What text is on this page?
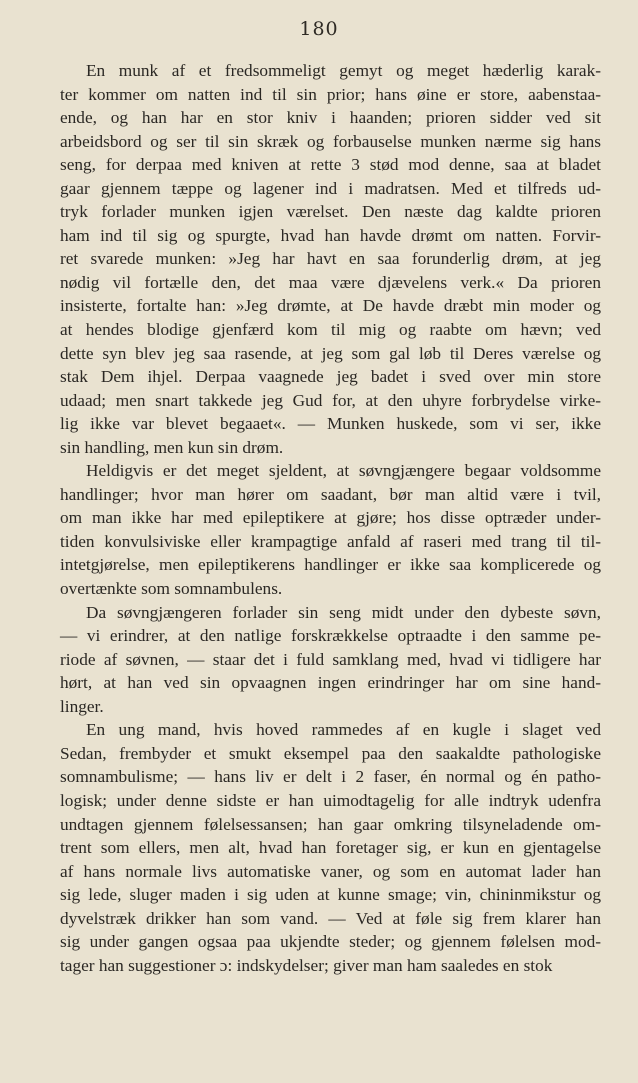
180
En munk af et fredsommeligt gemyt og meget hæderlig karak-
ter kommer om natten ind til sin prior; hans øine er store, aabenstaa-
ende, og han har en stor kniv i haanden; prioren sidder ved sit
arbeidsbord og ser til sin skræk og forbauselse munken nærme sig hans
seng, for derpaa med kniven at rette 3 stød mod denne, saa at bladet
gaar gjennem tæppe og lagener ind i madratsen. Med et tilfreds ud-
tryk forlader munken igjen værelset. Den næste dag kaldte prioren
ham ind til sig og spurgte, hvad han havde drømt om natten. Forvir-
ret svarede munken: »Jeg har havt en saa forunderlig drøm, at jeg
nødig vil fortælle den, det maa være djævelens verk.« Da prioren
insisterte, fortalte han: »Jeg drømte, at De havde dræbt min moder og
at hendes blodige gjenfærd kom til mig og raabte om hævn; ved
dette syn blev jeg saa rasende, at jeg som gal løb til Deres værelse og
stak Dem ihjel. Derpaa vaagnede jeg badet i sved over min store
udaad; men snart takkede jeg Gud for, at den uhyre forbrydelse virke-
lig ikke var blevet begaaet«. — Munken huskede, som vi ser, ikke
sin handling, men kun sin drøm.
Heldigvis er det meget sjeldent, at søvngjængere begaar voldsomme
handlinger; hvor man hører om saadant, bør man altid være i tvil,
om man ikke har med epileptikere at gjøre; hos disse optræder under-
tiden konvulsiviske eller krampagtige anfald af raseri med trang til til-
intetgjørelse, men epileptikerens handlinger er ikke saa komplicerede og
overtænkte som somnambulens.
Da søvngjængeren forlader sin seng midt under den dybeste søvn,
— vi erindrer, at den natlige forskrækkelse optraadte i den samme pe-
riode af søvnen, — staar det i fuld samklang med, hvad vi tidligere har
hørt, at han ved sin opvaagnen ingen erindringer har om sine hand-
linger.
En ung mand, hvis hoved rammedes af en kugle i slaget ved
Sedan, frembyder et smukt eksempel paa den saakaldte pathologiske
somnambulisme; — hans liv er delt i 2 faser, én normal og én patho-
logisk; under denne sidste er han uimodtagelig for alle indtryk udenfra
undtagen gjennem følelsessansen; han gaar omkring tilsyneladende om-
trent som ellers, men alt, hvad han foretager sig, er kun en gjentagelse
af hans normale livs automatiske vaner, og som en automat lader han
sig lede, sluger maden i sig uden at kunne smage; vin, chininmikstur og
dyvelstræk drikker han som vand. — Ved at føle sig frem klarer han
sig under gangen ogsaa paa ukjendte steder; og gjennem følelsen mod-
tager han suggestioner ɔ: indskydelser; giver man ham saaledes en stok
